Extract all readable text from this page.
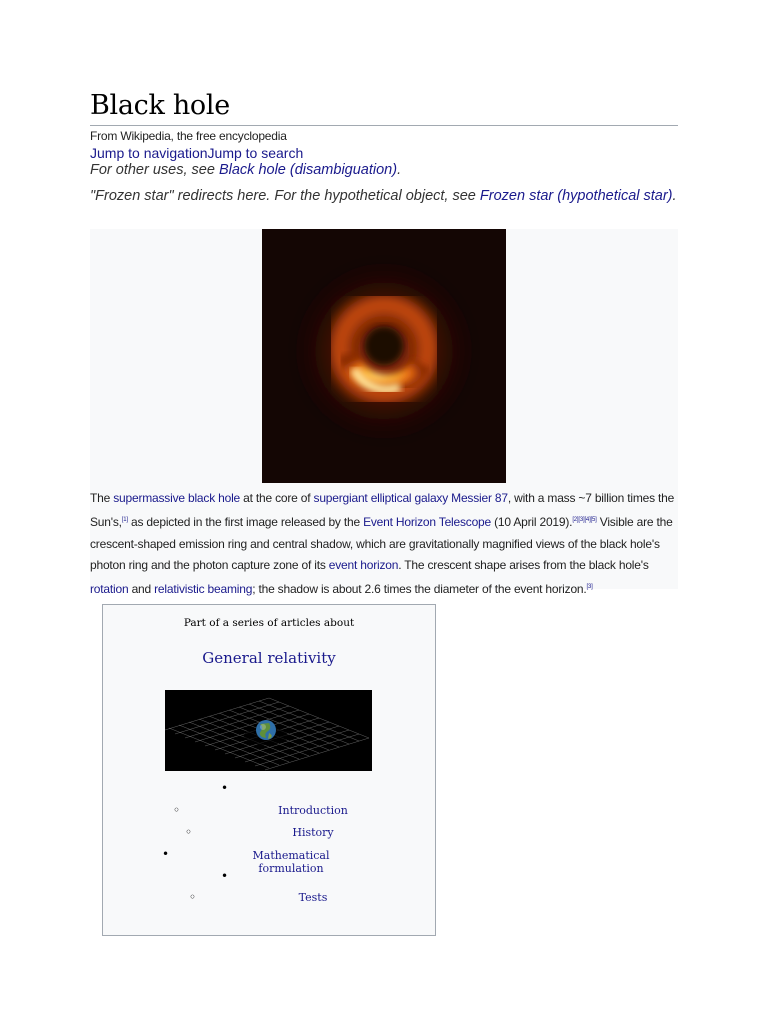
Black hole
From Wikipedia, the free encyclopedia
Jump to navigationJump to search
For other uses, see Black hole (disambiguation).
"Frozen star" redirects here. For the hypothetical object, see Frozen star (hypothetical star).
The supermassive black hole at the core of supergiant elliptical galaxy Messier 87, with a mass ~7 billion times the Sun's,[1] as depicted in the first image released by the Event Horizon Telescope (10 April 2019).[2][3][4][5] Visible are the crescent-shaped emission ring and central shadow, which are gravitationally magnified views of the black hole's photon ring and the photon capture zone of its event horizon. The crescent shape arises from the black hole's rotation and relativistic beaming; the shadow is about 2.6 times the diameter of the event horizon.[3]
Part of a series of articles about
General relativity
•
◦	Introduction
◦	History
•	Mathematical formulation
•
◦	Tests
